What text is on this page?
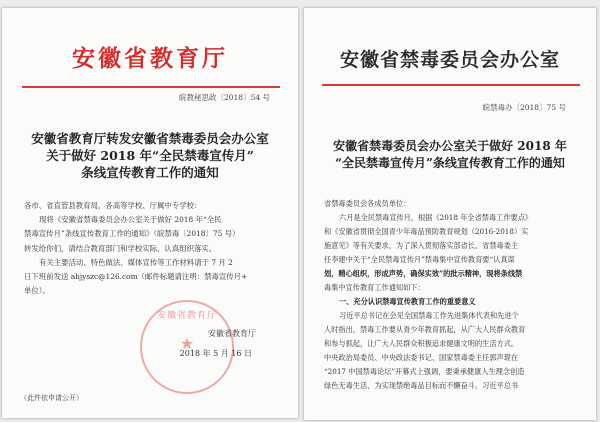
安徽省教育厅
皖教秘思政〔2018〕54 号
安徽省教育厅转发安徽省禁毒委员会办公室
关于做好 2018 年“全民禁毒宣传月”
条线宣传教育工作的通知
各市、省直管县教育局，各高等学校、厅属中专学校：
现将《安徽省禁毒委员会办公室关于做好 2018 年“全民
禁毒宣传月”条线宣传教育工作的通知》（皖禁毒〔2018〕75 号）
转发给你们，请结合教育部门和学校实际，认真组织落实。
有关主要活动、特色做法、媒体宣传等工作材料请于 7 月 2
日下班前发送 ahjyszc@126.com（邮件标题请注明：禁毒宣传月+
单位）。
安徽省教育厅
★
安徽省教育厅
2018 年 5 月 16 日
（此件依申请公开）
安徽省禁毒委员会办公室
皖禁毒办〔2018〕75 号
安徽省禁毒委员会办公室关于做好 2018 年
“全民禁毒宣传月”条线宣传教育工作的通知
省禁毒委员会各成员单位：
六月是全民禁毒宣传月，根据《2018 年全省禁毒工作要点》
和《安徽省贯彻全国青少年毒品预防教育规划（2016-2018）实
施意见》等有关要求，为了深入贯彻落实部省长、省禁毒委主
任李建中关于“全民禁毒宣传月”禁毒集中宣传教育要“认真谋
划，精心组织，形成声势，确保实效”的批示精神，现将条线禁
毒集中宣传教育工作通知如下：
一、充分认识禁毒宣传教育工作的重要意义
习近平总书记在会见全国禁毒工作先进集体代表和先进个
人时指出，禁毒工作要从青少年教育抓起，从广大人民群众教育
和参与抓起，让广大人民群众积极追求健康文明的生活方式。
中央政治局委员、中央政法委书记、国家禁毒委主任郭声琨在
“2017 中国禁毒论坛”开幕式上强调，要秉承健康人生理念创造
绿色无毒生活，为实现禁绝毒品目标而不懈奋斗。习近平总书
